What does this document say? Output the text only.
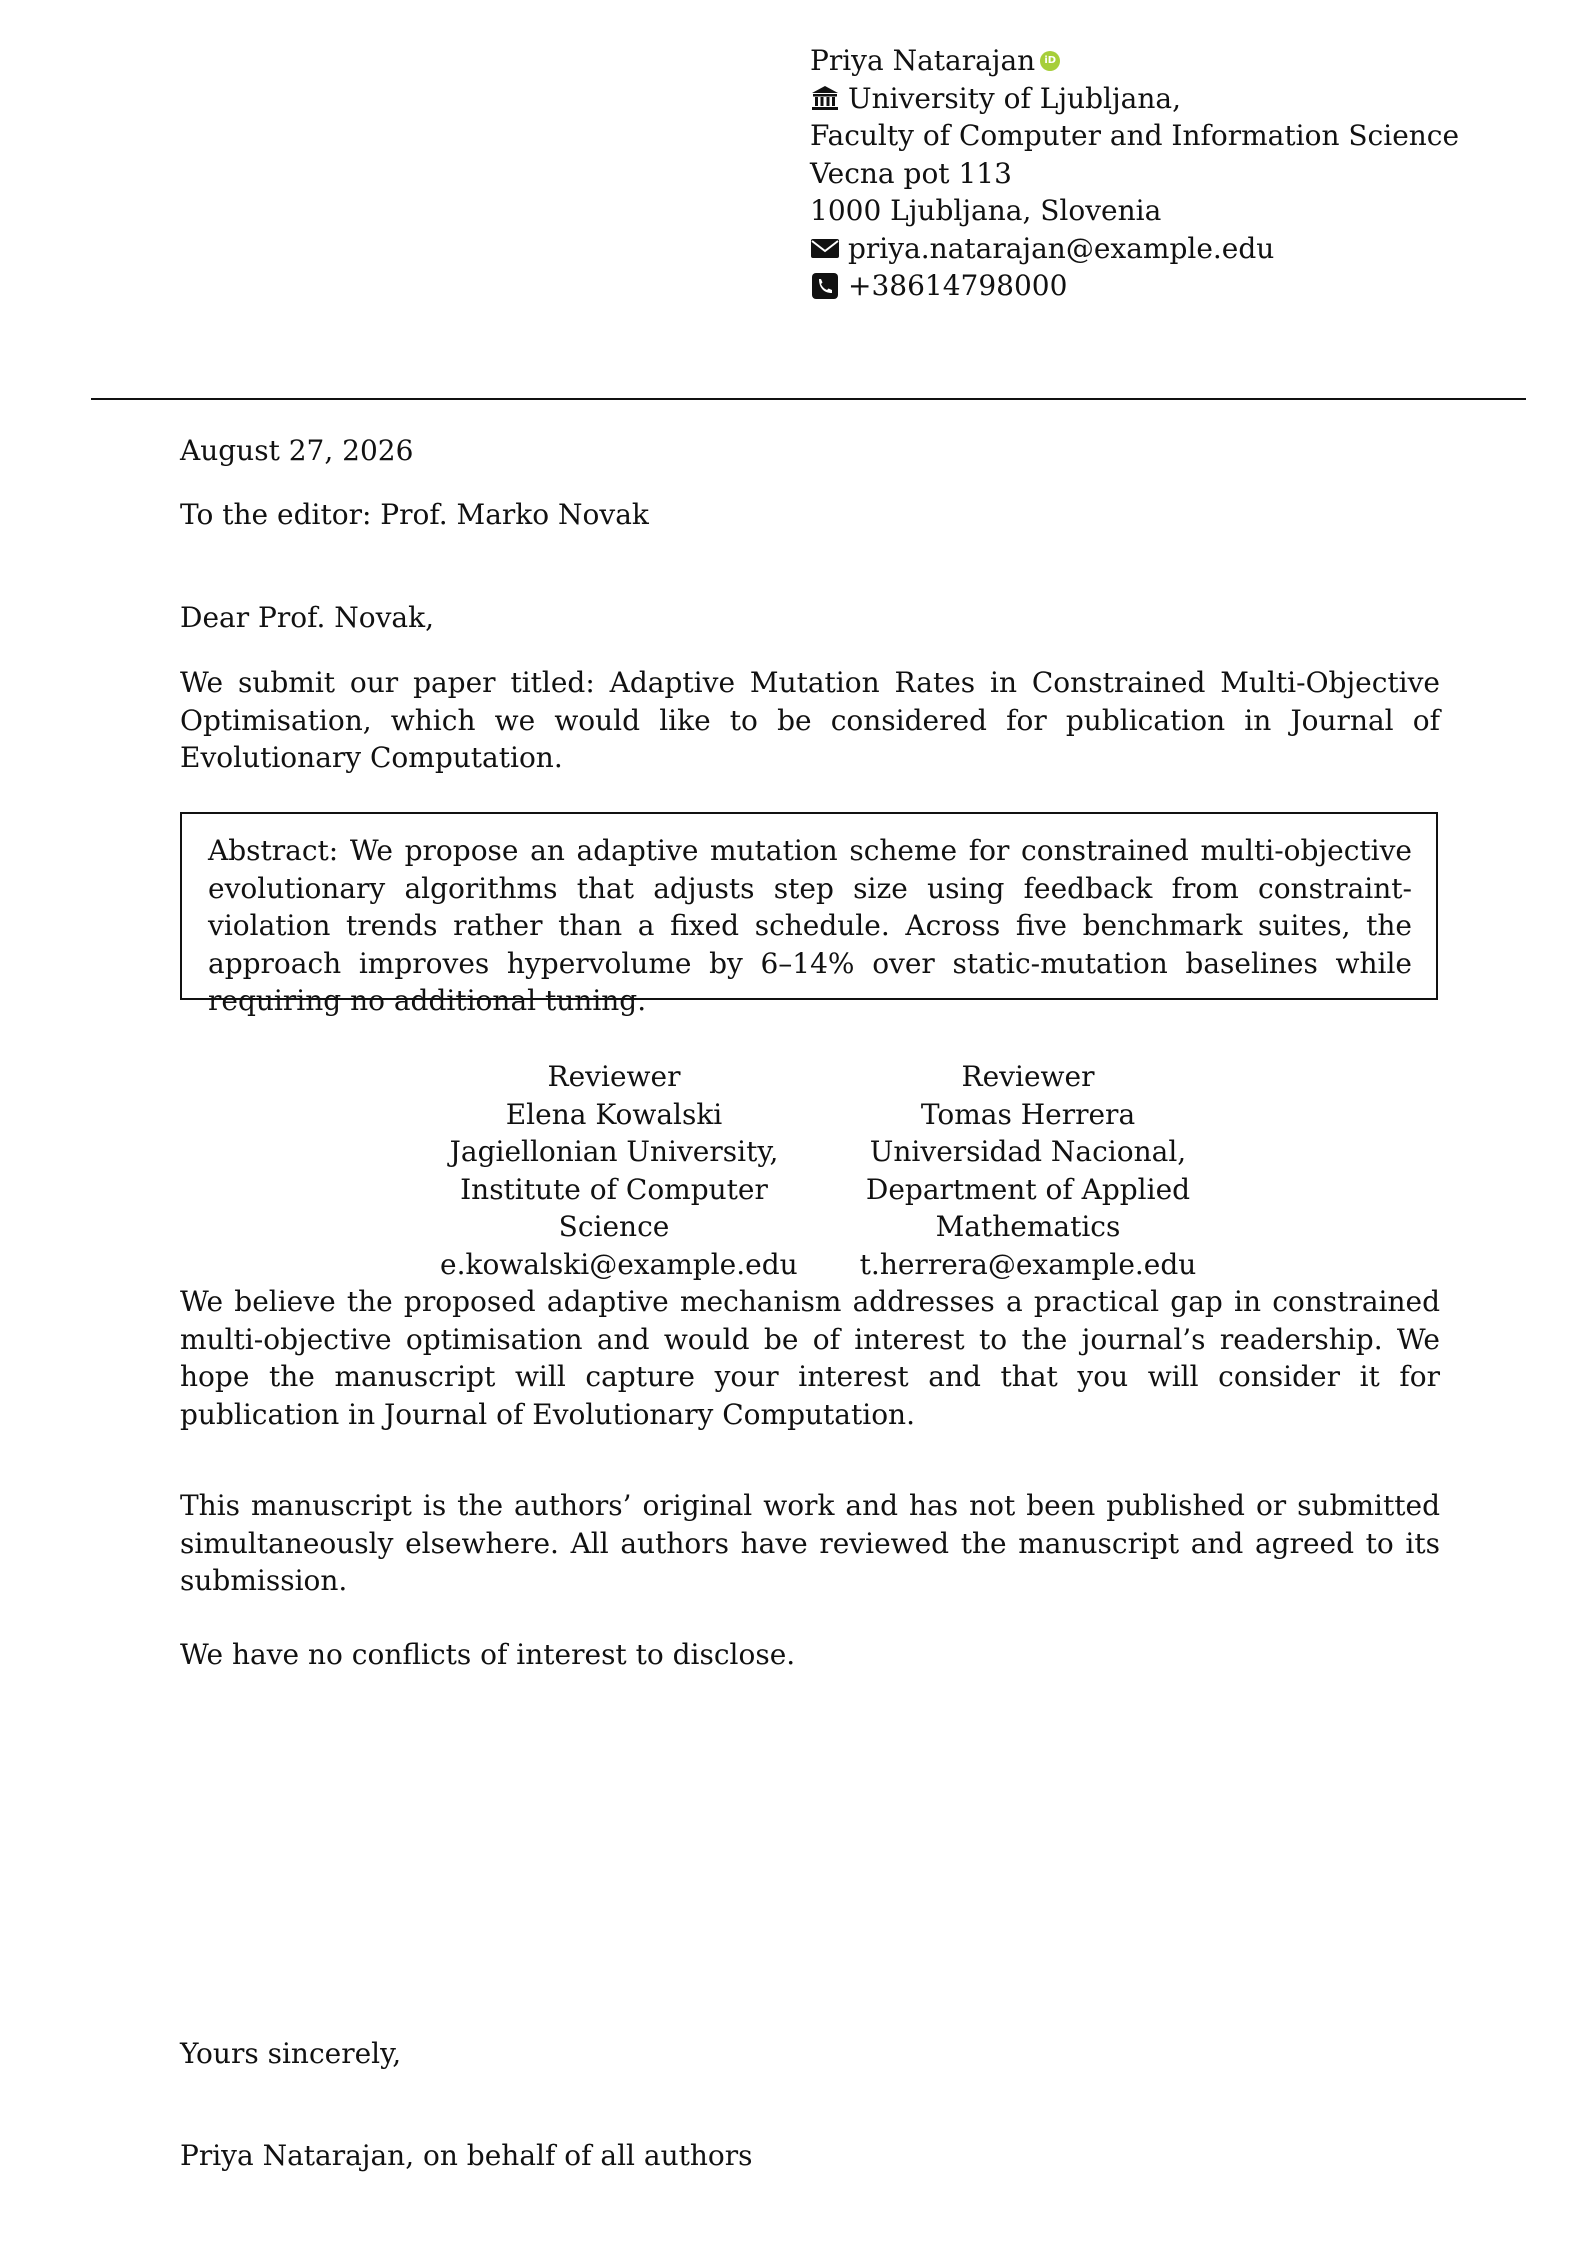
Priya Natarajan iD
University of Ljubljana,
Faculty of Computer and Information Science
Vecna pot 113
1000 Ljubljana, Slovenia
priya.natarajan@example.edu
+38614798000
August 27, 2026
To the editor: Prof. Marko Novak
Dear Prof. Novak,
We submit our paper titled: Adaptive Mutation Rates in Constrained Multi-Objective Optimisation, which we would like to be considered for publication in Journal of Evolutionary Computation.
Abstract: We propose an adaptive mutation scheme for constrained multi-objective evolutionary algorithms that adjusts step size using feedback from constraint-violation trends rather than a fixed schedule. Across five benchmark suites, the approach improves hypervolume by 6–14% over static-mutation baselines while requiring no additional tuning.
Reviewer
Elena Kowalski
Jagiellonian University, Institute of Computer Science
e.kowalski@example.edu
Reviewer
Tomas Herrera
Universidad Nacional, Department of Applied Mathematics
t.herrera@example.edu
We believe the proposed adaptive mechanism addresses a practical gap in constrained multi-objective optimisation and would be of interest to the journal’s readership. We hope the manuscript will capture your interest and that you will consider it for publication in Journal of Evolutionary Computation.
This manuscript is the authors’ original work and has not been published or submitted simultaneously elsewhere. All authors have reviewed the manuscript and agreed to its submission.
We have no conflicts of interest to disclose.
Yours sincerely,
Priya Natarajan, on behalf of all authors
